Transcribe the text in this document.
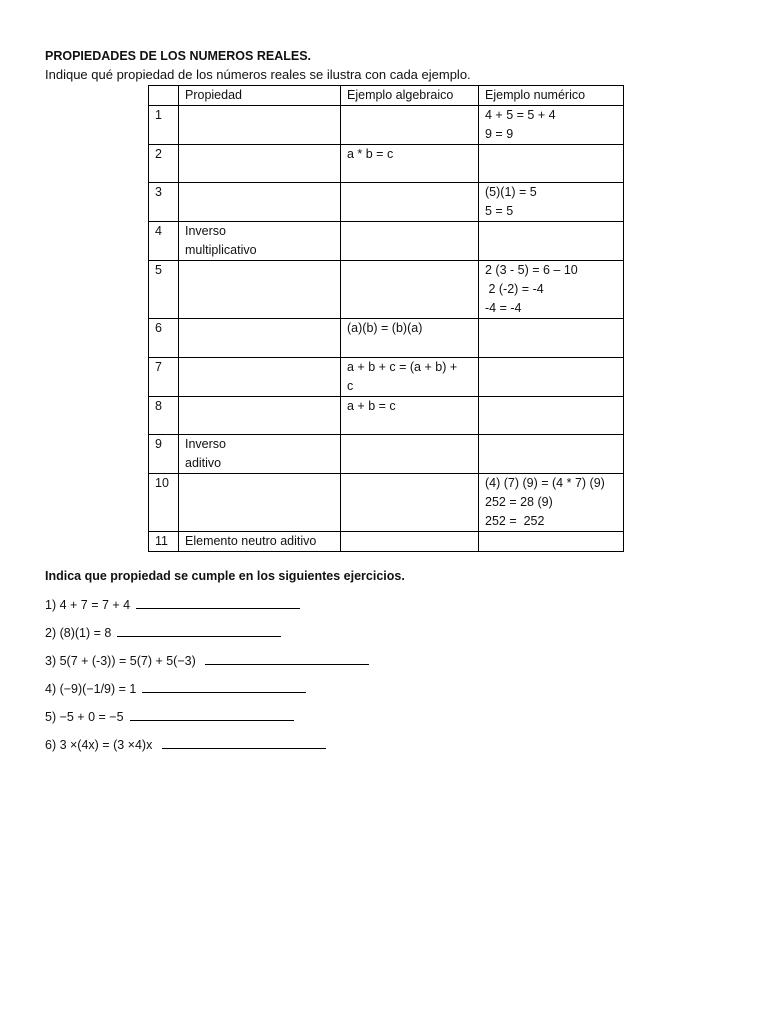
PROPIEDADES DE LOS NUMEROS REALES.

Indique qué propiedad de los números reales se ilustra con cada ejemplo.

	Propiedad	Ejemplo algebraico	Ejemplo numérico
1			4 + 5 = 5 + 4
9 = 9

2		a * b = c	

3			(5)(1) = 5
5 = 5

4	Inverso
multiplicativo		

5			2 (3 - 5) = 6 – 10
2 (-2) = -4
-4 = -4

6		(a)(b) = (b)(a)	

7		a + b + c = (a + b) +
c	

8		a + b = c	

9	Inverso
aditivo		

10			(4) (7) (9) = (4 * 7) (9)
252 = 28 (9)
252 =  252

11	Elemento neutro aditivo		

Indica que propiedad se cumple en los siguientes ejercicios.

1) 4 + 7 = 7 + 4
2) (8)(1) = 8
3) 5(7 + (-3)) = 5(7) + 5(−3)
4) (−9)(−1/9) = 1
5) −5 + 0 = −5
6) 3 ×(4x) = (3 ×4)x
